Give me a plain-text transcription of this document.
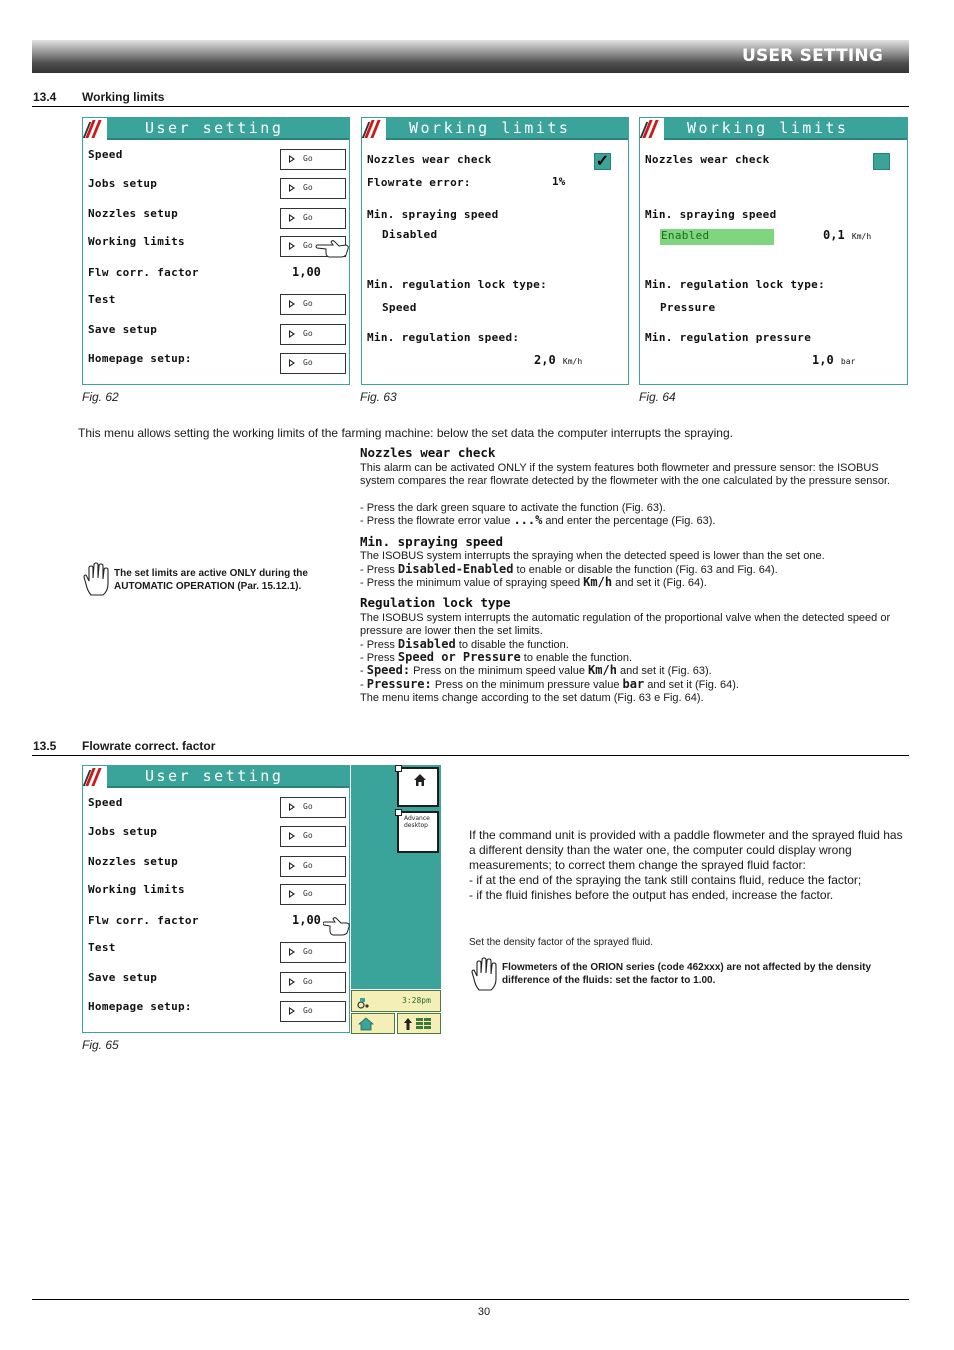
USER SETTING
13.4 Working limits
User setting
Speed	Go
Jobs setup	Go
Nozzles setup	Go
Working limits	Go
Flw corr. factor	1,00
Test	Go
Save setup	Go
Homepage setup:	Go
Fig. 62
Working limits
Nozzles wear check	✓
Flowrate error:	1%
Min. spraying speed
Disabled
Min. regulation lock type:
Speed
Min. regulation speed:
2,0 Km/h
Fig. 63
Working limits
Nozzles wear check
Min. spraying speed
Enabled	0,1 Km/h
Min. regulation lock type:
Pressure
Min. regulation pressure
1,0 bar
Fig. 64
This menu allows setting the working limits of the farming machine: below the set data the computer interrupts the spraying.
The set limits are active ONLY during the AUTOMATIC OPERATION (Par. 15.12.1).
Nozzles wear check
This alarm can be activated ONLY if the system features both flowmeter and pressure sensor: the ISOBUS system compares the rear flowrate detected by the flowmeter with the one calculated by the pressure sensor.
- Press the dark green square to activate the function (Fig. 63).
- Press the flowrate error value ...% and enter the percentage (Fig. 63).
Min. spraying speed
The ISOBUS system interrupts the spraying when the detected speed is lower than the set one.
- Press Disabled-Enabled to enable or disable the function (Fig. 63 and Fig. 64).
- Press the minimum value of spraying speed Km/h and set it (Fig. 64).
Regulation lock type
The ISOBUS system interrupts the automatic regulation of the proportional valve when the detected speed or pressure are lower then the set limits.
- Press Disabled to disable the function.
- Press Speed or Pressure to enable the function.
- Speed: Press on the minimum speed value Km/h and set it (Fig. 63).
- Pressure: Press on the minimum pressure value bar and set it (Fig. 64).
The menu items change according to the set datum (Fig. 63 e Fig. 64).
13.5 Flowrate correct. factor
User setting
Speed	Go
Jobs setup	Go
Nozzles setup	Go
Working limits	Go
Flw corr. factor	1,00
Test	Go
Save setup	Go
Homepage setup:	Go
Advance
desktop
3:28pm
Fig. 65
If the command unit is provided with a paddle flowmeter and the sprayed fluid has a different density than the water one, the computer could display wrong measurements; to correct them change the sprayed fluid factor:
- if at the end of the spraying the tank still contains fluid, reduce the factor;
- if the fluid finishes before the output has ended, increase the factor.
Set the density factor of the sprayed fluid.
Flowmeters of the ORION series (code 462xxx) are not affected by the density difference of the fluids: set the factor to 1.00.
30
